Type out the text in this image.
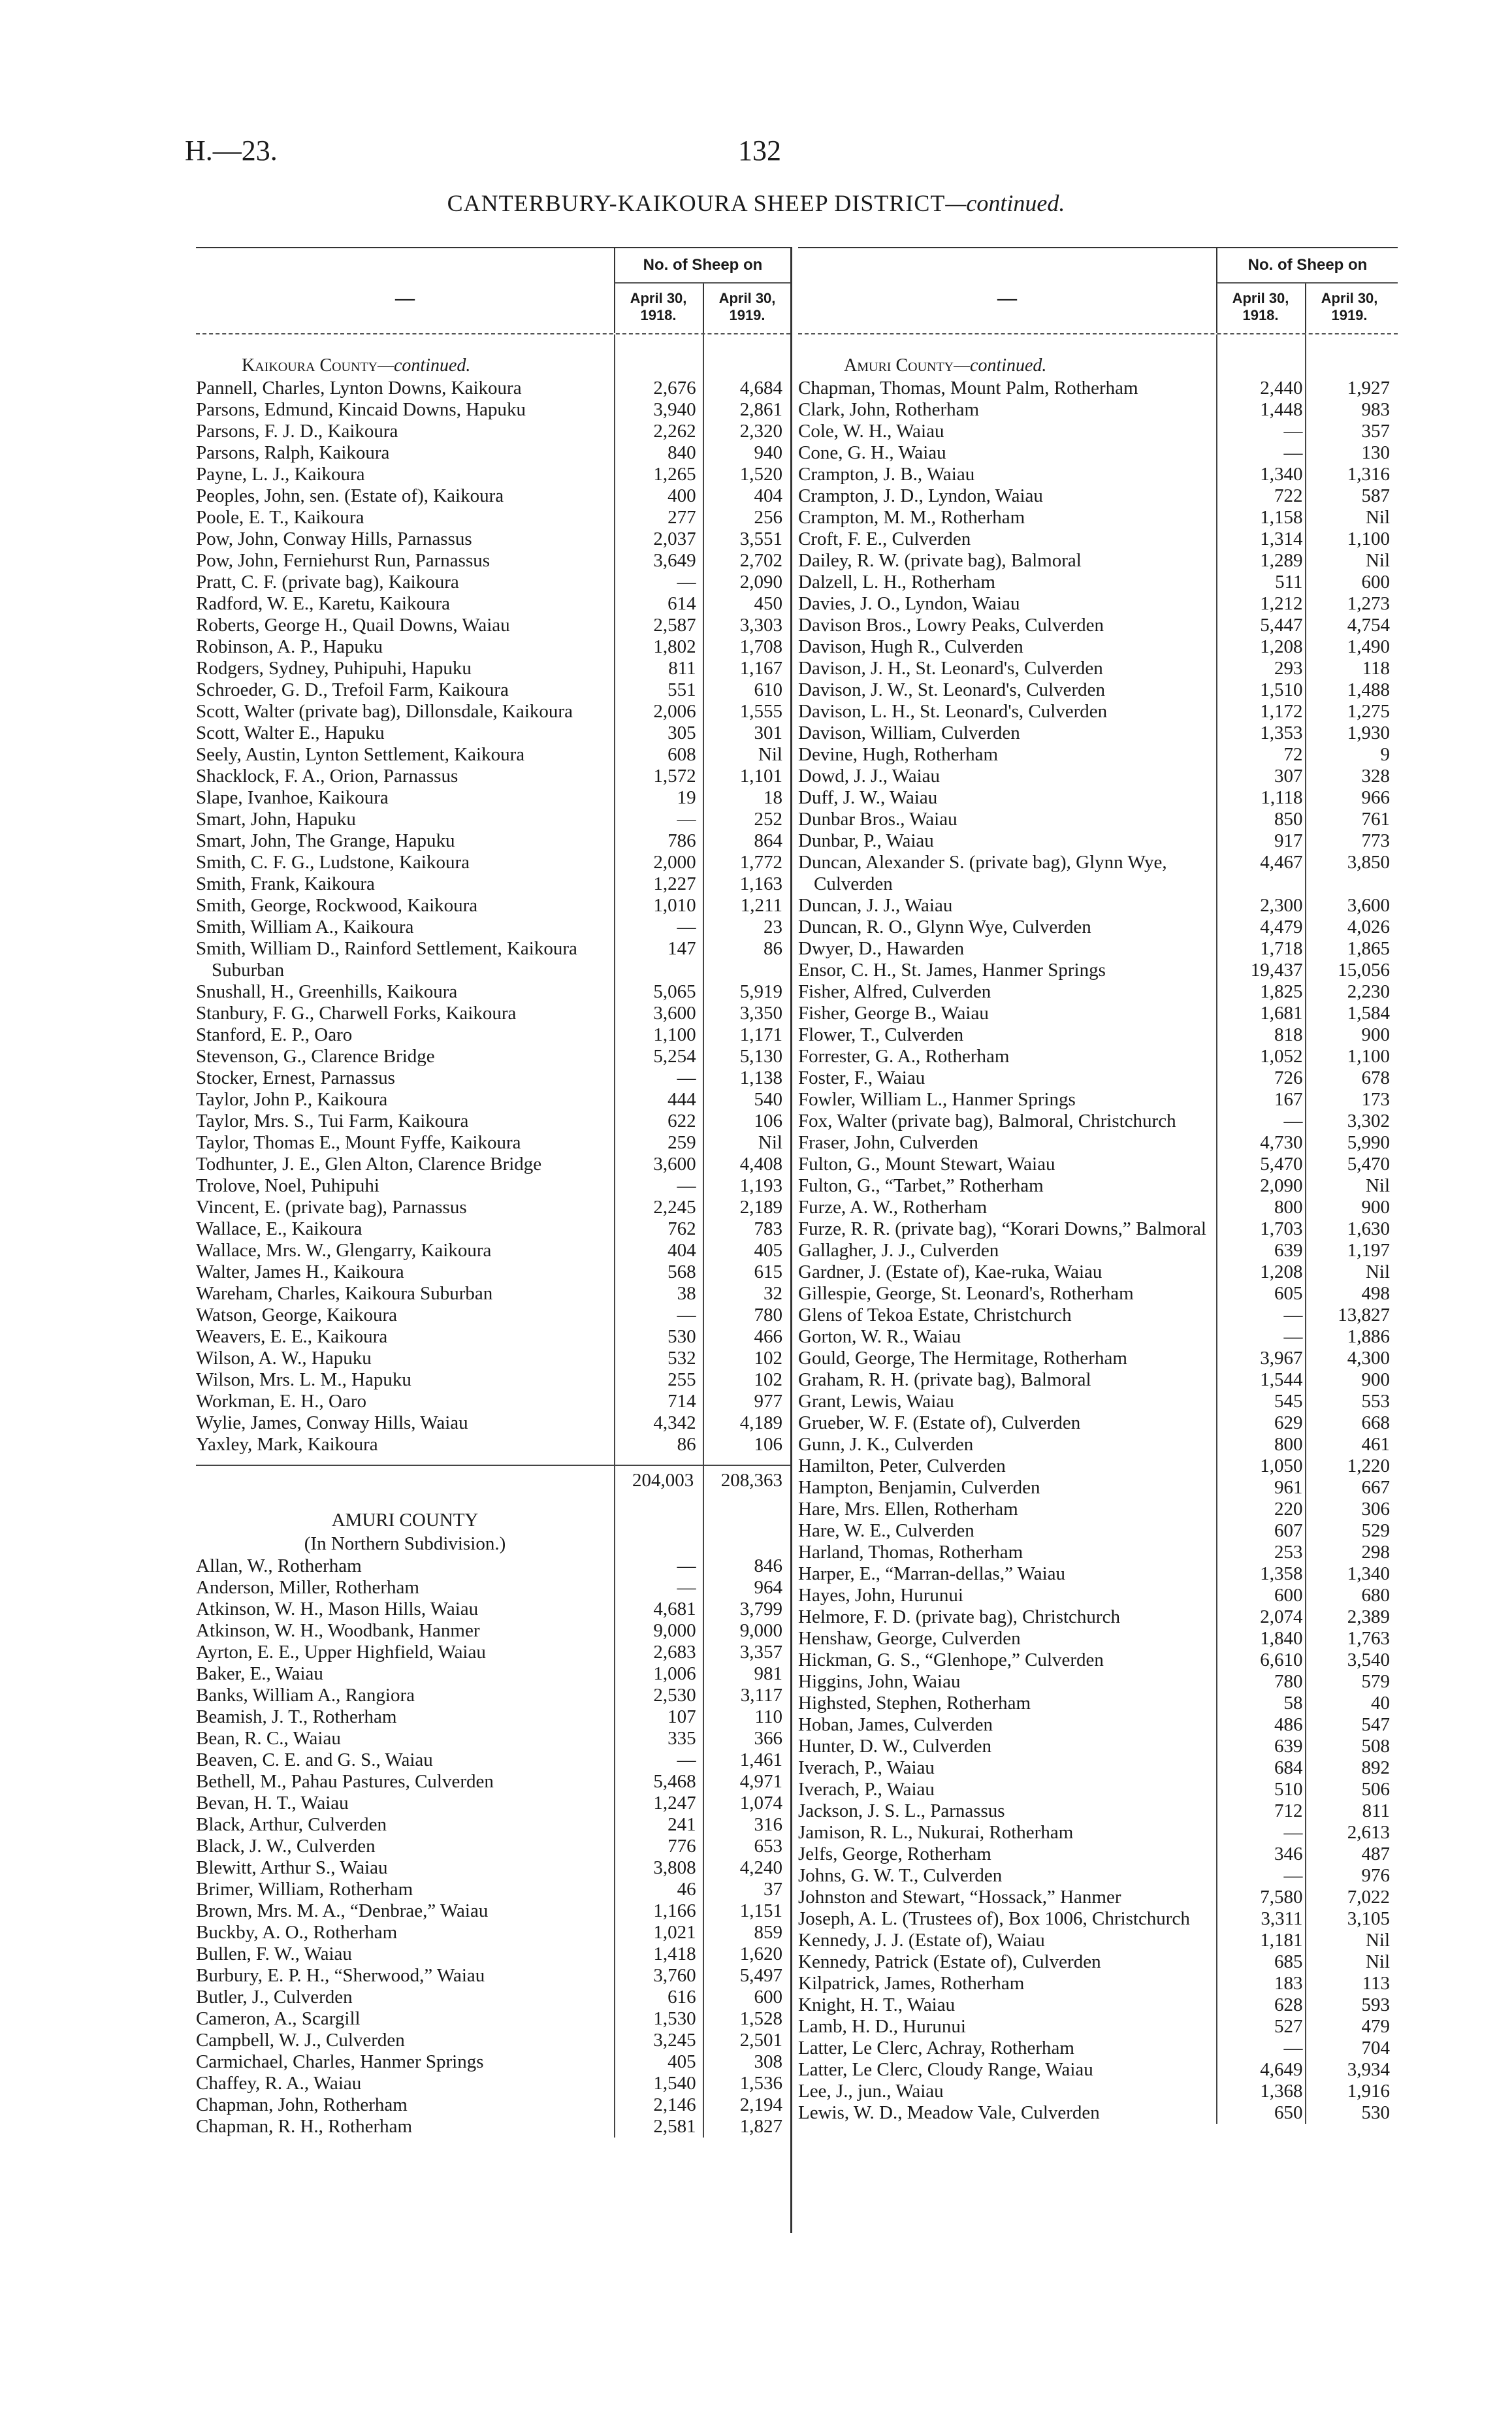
H.—23.	132
CANTERBURY-KAIKOURA SHEEP DISTRICT—continued.
—
No. of Sheep on
April 30, 1918.
April 30, 1919.
Kaikoura County—continued.
Pannell, Charles, Lynton Downs, Kaikoura	2,676	4,684
Parsons, Edmund, Kincaid Downs, Hapuku	3,940	2,861
Parsons, F. J. D., Kaikoura	2,262	2,320
Parsons, Ralph, Kaikoura	840	940
Payne, L. J., Kaikoura	1,265	1,520
Peoples, John, sen. (Estate of), Kaikoura	400	404
Poole, E. T., Kaikoura	277	256
Pow, John, Conway Hills, Parnassus	2,037	3,551
Pow, John, Ferniehurst Run, Parnassus	3,649	2,702
Pratt, C. F. (private bag), Kaikoura	—	2,090
Radford, W. E., Karetu, Kaikoura	614	450
Roberts, George H., Quail Downs, Waiau	2,587	3,303
Robinson, A. P., Hapuku	1,802	1,708
Rodgers, Sydney, Puhipuhi, Hapuku	811	1,167
Schroeder, G. D., Trefoil Farm, Kaikoura	551	610
Scott, Walter (private bag), Dillonsdale, Kaikoura	2,006	1,555
Scott, Walter E., Hapuku	305	301
Seely, Austin, Lynton Settlement, Kaikoura	608	Nil
Shacklock, F. A., Orion, Parnassus	1,572	1,101
Slape, Ivanhoe, Kaikoura	19	18
Smart, John, Hapuku	—	252
Smart, John, The Grange, Hapuku	786	864
Smith, C. F. G., Ludstone, Kaikoura	2,000	1,772
Smith, Frank, Kaikoura	1,227	1,163
Smith, George, Rockwood, Kaikoura	1,010	1,211
Smith, William A., Kaikoura	—	23
Smith, William D., Rainford Settlement, Kaikoura Suburban
147	86
Snushall, H., Greenhills, Kaikoura	5,065	5,919
Stanbury, F. G., Charwell Forks, Kaikoura	3,600	3,350
Stanford, E. P., Oaro	1,100	1,171
Stevenson, G., Clarence Bridge	5,254	5,130
Stocker, Ernest, Parnassus	—	1,138
Taylor, John P., Kaikoura	444	540
Taylor, Mrs. S., Tui Farm, Kaikoura	622	106
Taylor, Thomas E., Mount Fyffe, Kaikoura	259	Nil
Todhunter, J. E., Glen Alton, Clarence Bridge	3,600	4,408
Trolove, Noel, Puhipuhi	—	1,193
Vincent, E. (private bag), Parnassus	2,245	2,189
Wallace, E., Kaikoura	762	783
Wallace, Mrs. W., Glengarry, Kaikoura	404	405
Walter, James H., Kaikoura	568	615
Wareham, Charles, Kaikoura Suburban	38	32
Watson, George, Kaikoura	—	780
Weavers, E. E., Kaikoura	530	466
Wilson, A. W., Hapuku	532	102
Wilson, Mrs. L. M., Hapuku	255	102
Workman, E. H., Oaro	714	977
Wylie, James, Conway Hills, Waiau	4,342	4,189
Yaxley, Mark, Kaikoura	86	106
204,003	208,363
AMURI COUNTY
(In Northern Subdivision.)
Allan, W., Rotherham	—	846
Anderson, Miller, Rotherham	—	964
Atkinson, W. H., Mason Hills, Waiau	4,681	3,799
Atkinson, W. H., Woodbank, Hanmer	9,000	9,000
Ayrton, E. E., Upper Highfield, Waiau	2,683	3,357
Baker, E., Waiau	1,006	981
Banks, William A., Rangiora	2,530	3,117
Beamish, J. T., Rotherham	107	110
Bean, R. C., Waiau	335	366
Beaven, C. E. and G. S., Waiau	—	1,461
Bethell, M., Pahau Pastures, Culverden	5,468	4,971
Bevan, H. T., Waiau	1,247	1,074
Black, Arthur, Culverden	241	316
Black, J. W., Culverden	776	653
Blewitt, Arthur S., Waiau	3,808	4,240
Brimer, William, Rotherham	46	37
Brown, Mrs. M. A., “Denbrae,” Waiau	1,166	1,151
Buckby, A. O., Rotherham	1,021	859
Bullen, F. W., Waiau	1,418	1,620
Burbury, E. P. H., “Sherwood,” Waiau	3,760	5,497
Butler, J., Culverden	616	600
Cameron, A., Scargill	1,530	1,528
Campbell, W. J., Culverden	3,245	2,501
Carmichael, Charles, Hanmer Springs	405	308
Chaffey, R. A., Waiau	1,540	1,536
Chapman, John, Rotherham	2,146	2,194
Chapman, R. H., Rotherham	2,581	1,827
—
No. of Sheep on
April 30, 1918.
April 30, 1919.
Amuri County—continued.
Chapman, Thomas, Mount Palm, Rotherham	2,440	1,927
Clark, John, Rotherham	1,448	983
Cole, W. H., Waiau	—	357
Cone, G. H., Waiau	—	130
Crampton, J. B., Waiau	1,340	1,316
Crampton, J. D., Lyndon, Waiau	722	587
Crampton, M. M., Rotherham	1,158	Nil
Croft, F. E., Culverden	1,314	1,100
Dailey, R. W. (private bag), Balmoral	1,289	Nil
Dalzell, L. H., Rotherham	511	600
Davies, J. O., Lyndon, Waiau	1,212	1,273
Davison Bros., Lowry Peaks, Culverden	5,447	4,754
Davison, Hugh R., Culverden	1,208	1,490
Davison, J. H., St. Leonard's, Culverden	293	118
Davison, J. W., St. Leonard's, Culverden	1,510	1,488
Davison, L. H., St. Leonard's, Culverden	1,172	1,275
Davison, William, Culverden	1,353	1,930
Devine, Hugh, Rotherham	72	9
Dowd, J. J., Waiau	307	328
Duff, J. W., Waiau	1,118	966
Dunbar Bros., Waiau	850	761
Dunbar, P., Waiau	917	773
Duncan, Alexander S. (private bag), Glynn Wye, Culverden
4,467	3,850
Duncan, J. J., Waiau	2,300	3,600
Duncan, R. O., Glynn Wye, Culverden	4,479	4,026
Dwyer, D., Hawarden	1,718	1,865
Ensor, C. H., St. James, Hanmer Springs	19,437	15,056
Fisher, Alfred, Culverden	1,825	2,230
Fisher, George B., Waiau	1,681	1,584
Flower, T., Culverden	818	900
Forrester, G. A., Rotherham	1,052	1,100
Foster, F., Waiau	726	678
Fowler, William L., Hanmer Springs	167	173
Fox, Walter (private bag), Balmoral, Christchurch	—	3,302
Fraser, John, Culverden	4,730	5,990
Fulton, G., Mount Stewart, Waiau	5,470	5,470
Fulton, G., “Tarbet,” Rotherham	2,090	Nil
Furze, A. W., Rotherham	800	900
Furze, R. R. (private bag), “Korari Downs,” Balmoral	1,703	1,630
Gallagher, J. J., Culverden	639	1,197
Gardner, J. (Estate of), Kae-ruka, Waiau	1,208	Nil
Gillespie, George, St. Leonard's, Rotherham	605	498
Glens of Tekoa Estate, Christchurch	—	13,827
Gorton, W. R., Waiau	—	1,886
Gould, George, The Hermitage, Rotherham	3,967	4,300
Graham, R. H. (private bag), Balmoral	1,544	900
Grant, Lewis, Waiau	545	553
Grueber, W. F. (Estate of), Culverden	629	668
Gunn, J. K., Culverden	800	461
Hamilton, Peter, Culverden	1,050	1,220
Hampton, Benjamin, Culverden	961	667
Hare, Mrs. Ellen, Rotherham	220	306
Hare, W. E., Culverden	607	529
Harland, Thomas, Rotherham	253	298
Harper, E., “Marran-dellas,” Waiau	1,358	1,340
Hayes, John, Hurunui	600	680
Helmore, F. D. (private bag), Christchurch	2,074	2,389
Henshaw, George, Culverden	1,840	1,763
Hickman, G. S., “Glenhope,” Culverden	6,610	3,540
Higgins, John, Waiau	780	579
Highsted, Stephen, Rotherham	58	40
Hoban, James, Culverden	486	547
Hunter, D. W., Culverden	639	508
Iverach, P., Waiau	684	892
Iverach, P., Waiau	510	506
Jackson, J. S. L., Parnassus	712	811
Jamison, R. L., Nukurai, Rotherham	—	2,613
Jelfs, George, Rotherham	346	487
Johns, G. W. T., Culverden	—	976
Johnston and Stewart, “Hossack,” Hanmer	7,580	7,022
Joseph, A. L. (Trustees of), Box 1006, Christchurch	3,311	3,105
Kennedy, J. J. (Estate of), Waiau	1,181	Nil
Kennedy, Patrick (Estate of), Culverden	685	Nil
Kilpatrick, James, Rotherham	183	113
Knight, H. T., Waiau	628	593
Lamb, H. D., Hurunui	527	479
Latter, Le Clerc, Achray, Rotherham	—	704
Latter, Le Clerc, Cloudy Range, Waiau	4,649	3,934
Lee, J., jun., Waiau	1,368	1,916
Lewis, W. D., Meadow Vale, Culverden	650	530
